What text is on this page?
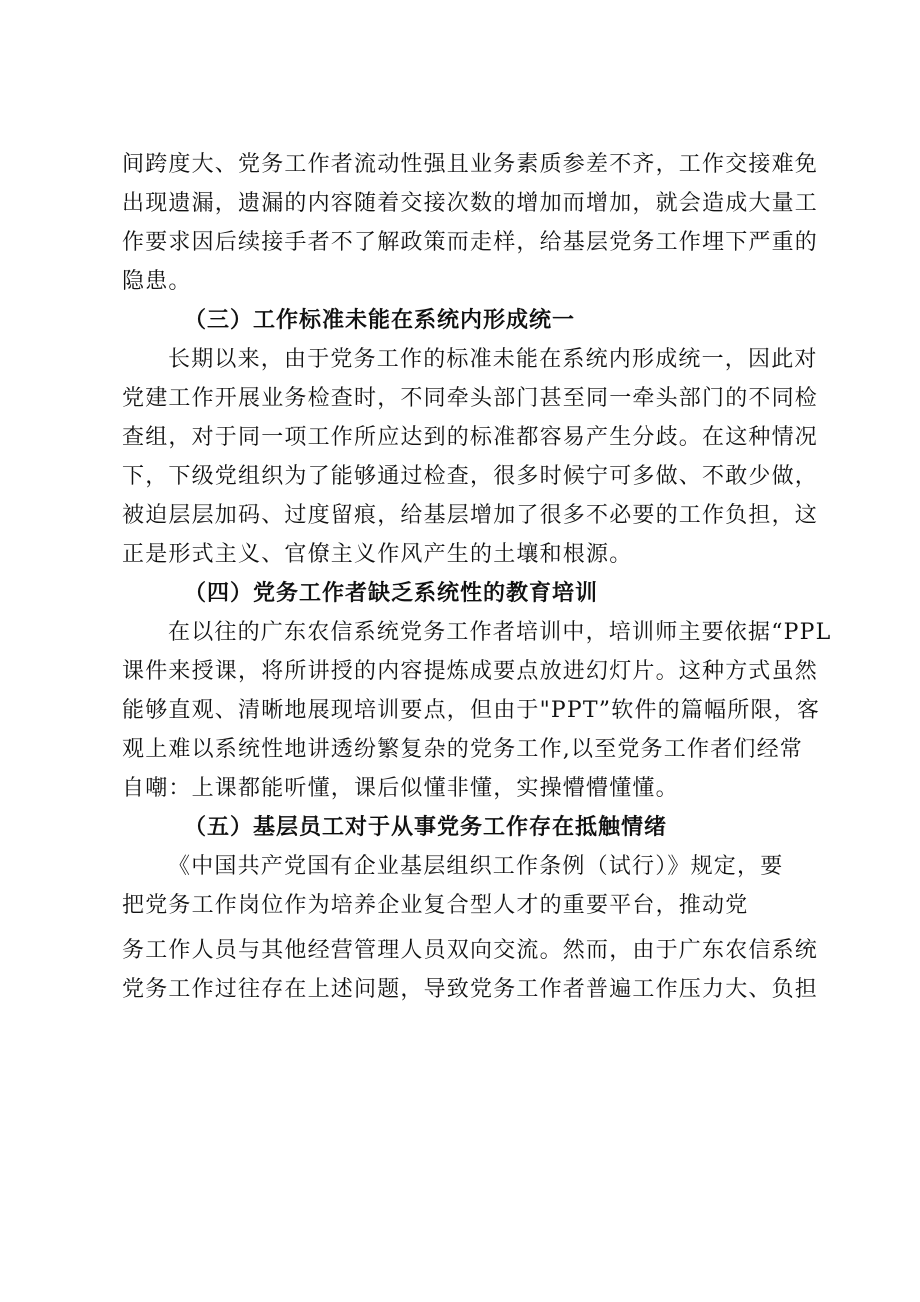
间跨度大、党务工作者流动性强且业务素质参差不齐，工作交接难免
出现遗漏，遗漏的内容随着交接次数的增加而增加，就会造成大量工
作要求因后续接手者不了解政策而走样，给基层党务工作埋下严重的
隐患。

（三）工作标准未能在系统内形成统一

长期以来，由于党务工作的标准未能在系统内形成统一，因此对
党建工作开展业务检查时，不同牵头部门甚至同一牵头部门的不同检
查组，对于同一项工作所应达到的标准都容易产生分歧。在这种情况
下，下级党组织为了能够通过检查，很多时候宁可多做、不敢少做，
被迫层层加码、过度留痕，给基层增加了很多不必要的工作负担，这
正是形式主义、官僚主义作风产生的土壤和根源。

（四）党务工作者缺乏系统性的教育培训

在以往的广东农信系统党务工作者培训中，培训师主要依据“PPL
课件来授课，将所讲授的内容提炼成要点放进幻灯片。这种方式虽然
能够直观、清晰地展现培训要点，但由于"PPT”软件的篇幅所限，客
观上难以系统性地讲透纷繁复杂的党务工作,以至党务工作者们经常
自嘲：上课都能听懂，课后似懂非懂，实操懵懵懂懂。

（五）基层员工对于从事党务工作存在抵触情绪

《中国共产党国有企业基层组织工作条例（试行）》规定，要
把党务工作岗位作为培养企业复合型人才的重要平台，推动党

务工作人员与其他经营管理人员双向交流。然而，由于广东农信系统
党务工作过往存在上述问题，导致党务工作者普遍工作压力大、负担
